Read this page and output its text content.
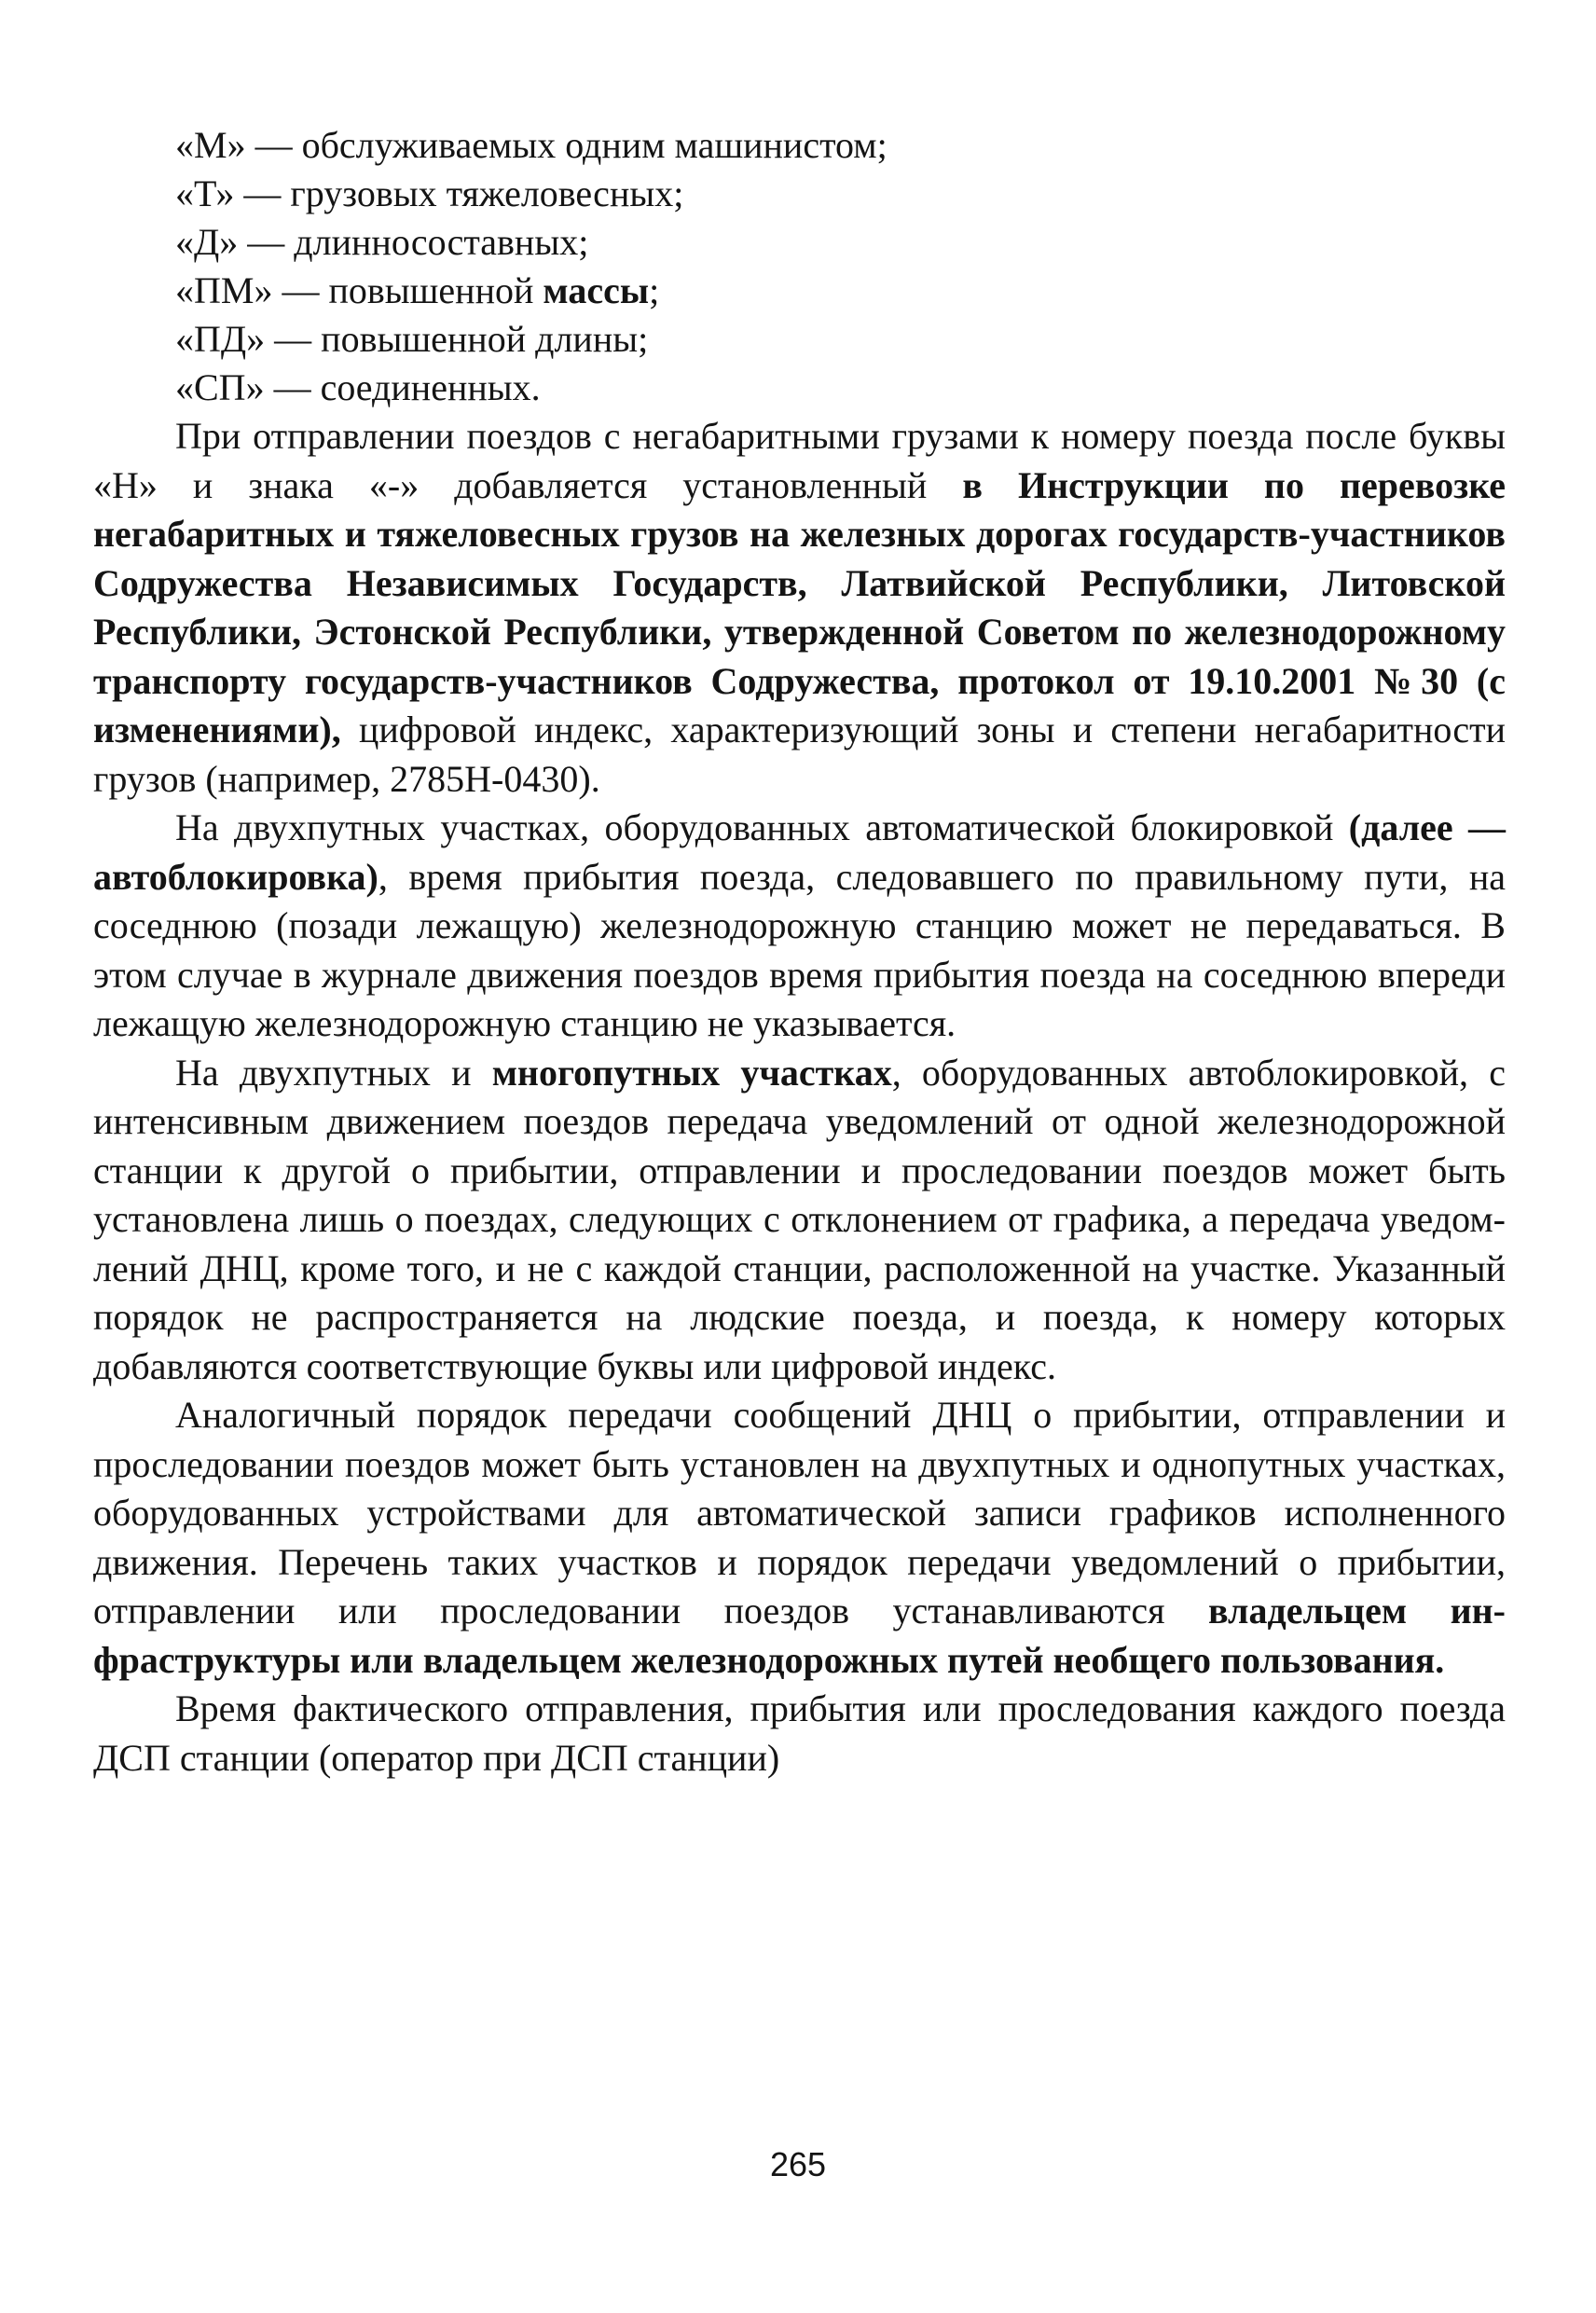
«М» — обслуживаемых одним машинистом;
«Т» — грузовых тяжеловесных;
«Д» — длинносоставных;
«ПМ» — повышенной массы;
«ПД» — повышенной длины;
«СП» — соединенных.

При отправлении поездов с негабаритными грузами к номеру поезда после буквы «Н» и знака «-» добавляется установленный в Инструкции по перевозке негабаритных и тяжеловесных грузов на железных дорогах государств-участников Содружества Независимых Государств, Латвийской Республики, Литовской Республики, Эстонской Республики, утвержденной Советом по железнодорожному транспорту государств-участников Содружества, протокол от 19.10.2001 №30 (с изменениями), цифровой индекс, характеризующий зоны и степени негабаритности грузов (например, 2785Н-0430).

На двухпутных участках, оборудованных автоматической блокировкой (далее — автоблокировка), время прибытия поезда, следовавшего по правильному пути, на соседнюю (позади лежащую) железнодорожную станцию может не передаваться. В этом случае в журнале движения поездов время прибытия поезда на соседнюю впереди лежащую железнодорожную станцию не указывается.

На двухпутных и многопутных участках, оборудованных автоблокировкой, с интенсивным движением поездов передача уведомлений от одной железнодорожной станции к другой о прибытии, отправлении и проследовании поездов может быть установлена лишь о поездах, следующих с отклонением от графика, а передача уведомлений ДНЦ, кроме того, и не с каждой станции, расположенной на участке. Указанный порядок не распространяется на людские поезда, и поезда, к номеру которых добавляются соответствующие буквы или цифровой индекс.

Аналогичный порядок передачи сообщений ДНЦ о прибытии, отправлении и проследовании поездов может быть установлен на двухпутных и однопутных участках, оборудованных устройствами для автоматической записи графиков исполненного движения. Перечень таких участков и порядок передачи уведомлений о прибытии, отправлении или проследовании поездов устанавливаются владельцем инфраструктуры или владельцем железнодорожных путей необщего пользования.

Время фактического отправления, прибытия или проследования каждого поезда ДСП станции (оператор при ДСП станции)

265
